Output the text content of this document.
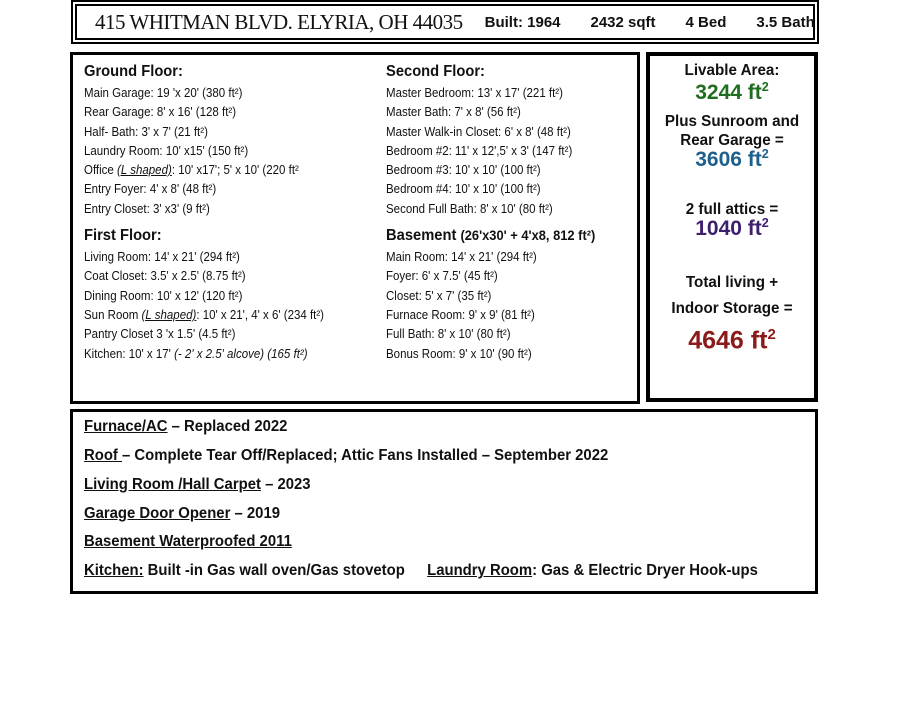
415 WHITMAN BLVD. ELYRIA, OH 44035 Built: 1964 2432 sqft 4 Bed 3.5 Bath
Ground Floor:
Main Garage: 19 'x 20' (380 ft²)
Rear Garage: 8' x 16' (128 ft²)
Half- Bath: 3' x 7' (21 ft²)
Laundry Room: 10' x15' (150 ft²)
Office (L shaped): 10' x17'; 5' x 10' (220 ft²
Entry Foyer: 4' x 8' (48 ft²)
Entry Closet: 3' x3' (9 ft²)
First Floor:
Living Room: 14' x 21' (294 ft²)
Coat Closet: 3.5' x 2.5' (8.75 ft²)
Dining Room: 10' x 12' (120 ft²)
Sun Room (L shaped): 10' x 21', 4' x 6' (234 ft²)
Pantry Closet 3 'x 1.5' (4.5 ft²)
Kitchen: 10' x 17' (- 2' x 2.5' alcove) (165 ft²)
Second Floor:
Master Bedroom: 13' x 17' (221 ft²)
Master Bath: 7' x 8' (56 ft²)
Master Walk-in Closet: 6' x 8' (48 ft²)
Bedroom #2: 11' x 12',5' x 3' (147 ft²)
Bedroom #3: 10' x 10' (100 ft²)
Bedroom #4: 10' x 10' (100 ft²)
Second Full Bath: 8' x 10' (80 ft²)
Basement (26'x30' + 4'x8, 812 ft²)
Main Room: 14' x 21' (294 ft²)
Foyer: 6' x 7.5' (45 ft²)
Closet: 5' x 7' (35 ft²)
Furnace Room: 9' x 9' (81 ft²)
Full Bath: 8' x 10' (80 ft²)
Bonus Room: 9' x 10' (90 ft²)
Livable Area:
3244 $ft^2$
Plus Sunroom and
Rear Garage =
3606 $ft^2$
2 full attics =
1040 $ft^2$
Total living +
Indoor Storage =
4646 $ft^2$
Furnace/AC – Replaced 2022
Roof – Complete Tear Off/Replaced; Attic Fans Installed – September 2022
Living Room /Hall Carpet – 2023
Garage Door Opener – 2019
Basement Waterproofed 2011
Kitchen: Built -in Gas wall oven/Gas stovetop Laundry Room: Gas & Electric Dryer Hook-ups
